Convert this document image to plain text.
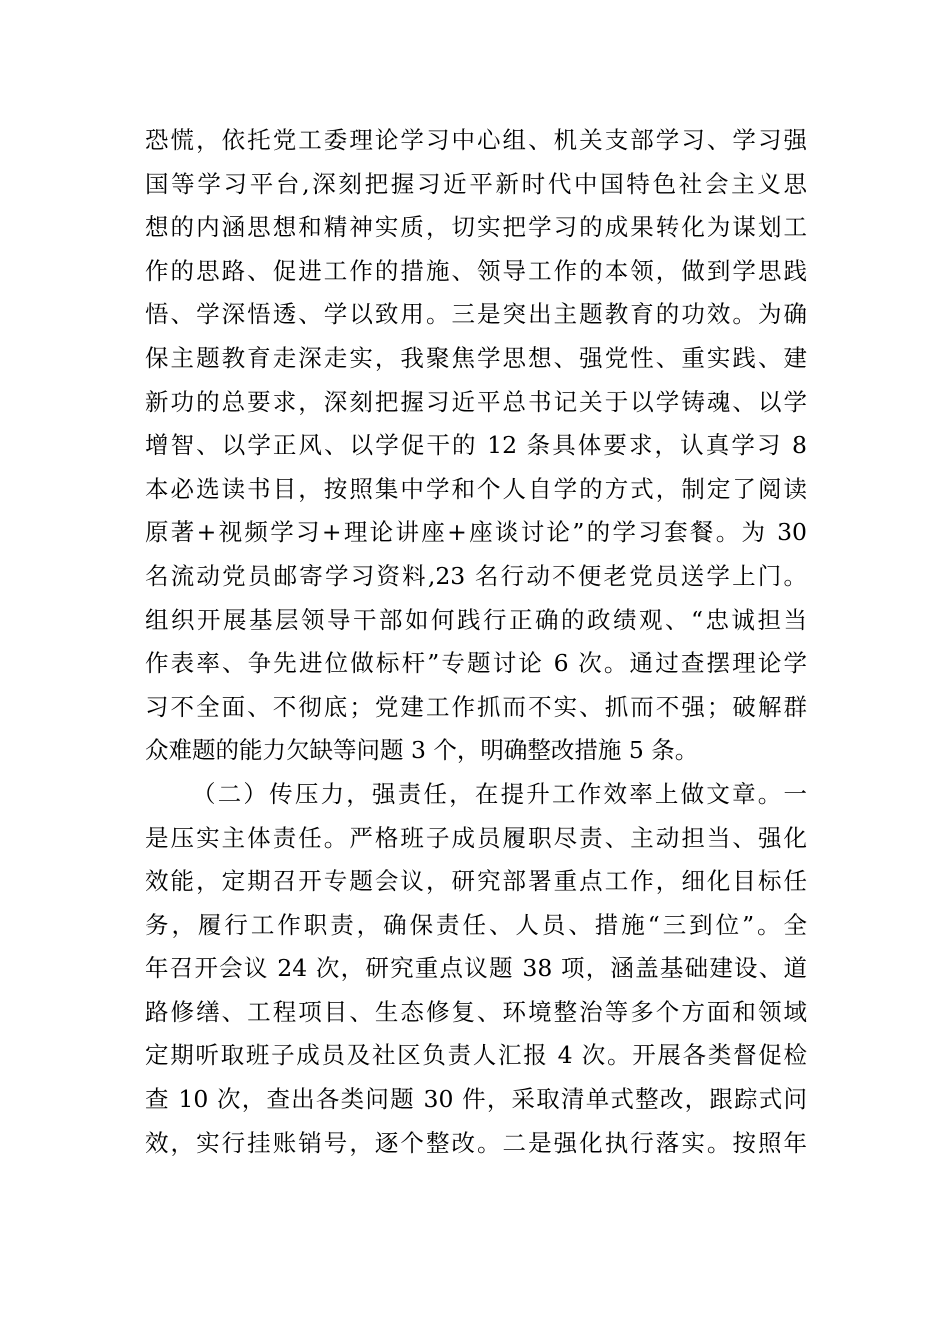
恐慌，依托党工委理论学习中心组、机关支部学习、学习强
国等学习平台,深刻把握习近平新时代中国特色社会主义思
想的内涵思想和精神实质，切实把学习的成果转化为谋划工
作的思路、促进工作的措施、领导工作的本领，做到学思践
悟、学深悟透、学以致用。三是突出主题教育的功效。为确
保主题教育走深走实，我聚焦学思想、强党性、重实践、建
新功的总要求，深刻把握习近平总书记关于以学铸魂、以学
增智、以学正风、以学促干的 12 条具体要求，认真学习 8
本必选读书目，按照集中学和个人自学的方式，制定了阅读
原著+视频学习+理论讲座+座谈讨论”的学习套餐。为 30
名流动党员邮寄学习资料,23 名行动不便老党员送学上门。
组织开展基层领导干部如何践行正确的政绩观、“忠诚担当
作表率、争先进位做标杆”专题讨论 6 次。通过查摆理论学
习不全面、不彻底；党建工作抓而不实、抓而不强；破解群
众难题的能力欠缺等问题 3 个，明确整改措施 5 条。
（二）传压力，强责任，在提升工作效率上做文章。一
是压实主体责任。严格班子成员履职尽责、主动担当、强化
效能，定期召开专题会议，研究部署重点工作，细化目标任
务，履行工作职责，确保责任、人员、措施“三到位”。全
年召开会议 24 次，研究重点议题 38 项，涵盖基础建设、道
路修缮、工程项目、生态修复、环境整治等多个方面和领域
定期听取班子成员及社区负责人汇报 4 次。开展各类督促检
查 10 次，查出各类问题 30 件，采取清单式整改，跟踪式问
效，实行挂账销号，逐个整改。二是强化执行落实。按照年
